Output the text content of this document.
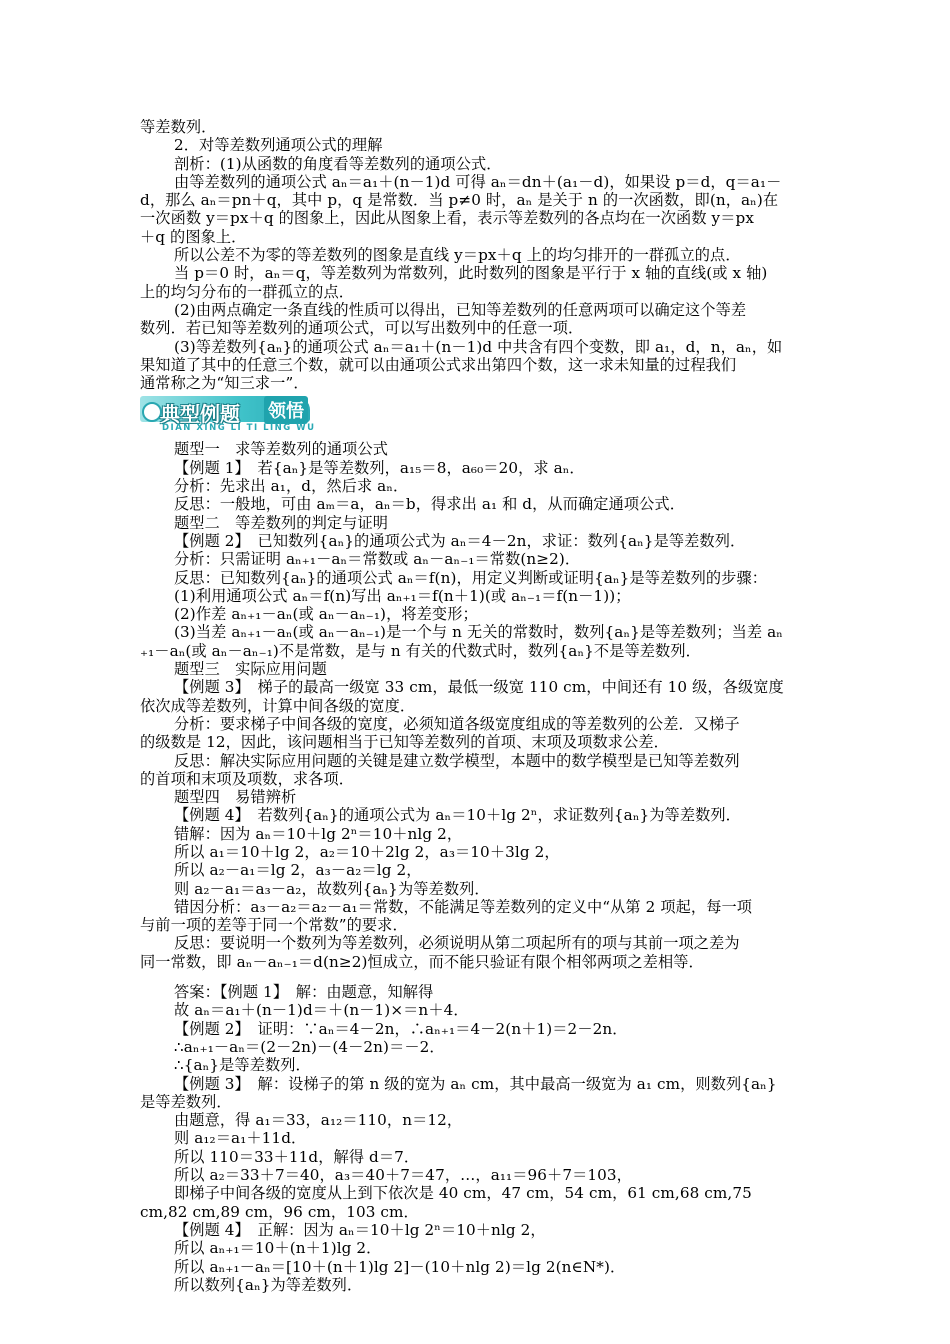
等差数列．
2．对等差数列通项公式的理解
剖析：(1)从函数的角度看等差数列的通项公式．
由等差数列的通项公式 aₙ＝a₁＋(n－1)d 可得 aₙ＝dn＋(a₁－d)，如果设 p＝d，q＝a₁－
d，那么 aₙ＝pn＋q，其中 p，q 是常数．当 p≠0 时，aₙ 是关于 n 的一次函数，即(n，aₙ)在
一次函数 y＝px＋q 的图象上，因此从图象上看，表示等差数列的各点均在一次函数 y＝px
＋q 的图象上．
所以公差不为零的等差数列的图象是直线 y＝px＋q 上的均匀排开的一群孤立的点．
当 p＝0 时，aₙ＝q，等差数列为常数列，此时数列的图象是平行于 x 轴的直线(或 x 轴)
上的均匀分布的一群孤立的点．
(2)由两点确定一条直线的性质可以得出，已知等差数列的任意两项可以确定这个等差
数列．若已知等差数列的通项公式，可以写出数列中的任意一项．
(3)等差数列{aₙ}的通项公式 aₙ＝a₁＋(n－1)d 中共含有四个变数，即 a₁，d，n，aₙ，如
果知道了其中的任意三个数，就可以由通项公式求出第四个数，这一求未知量的过程我们
通常称之为“知三求一”．
典型例题 领悟
DIAN XING LI TI LING WU
题型一　求等差数列的通项公式
【例题 1】　若{aₙ}是等差数列，a₁₅＝8，a₆₀＝20，求 aₙ．
分析：先求出 a₁，d，然后求 aₙ．
反思：一般地，可由 aₘ＝a，aₙ＝b，得求出 a₁ 和 d，从而确定通项公式．
题型二　等差数列的判定与证明
【例题 2】　已知数列{aₙ}的通项公式为 aₙ＝4－2n，求证：数列{aₙ}是等差数列．
分析：只需证明 aₙ₊₁－aₙ＝常数或 aₙ－aₙ₋₁＝常数(n≥2)．
反思：已知数列{aₙ}的通项公式 aₙ＝f(n)，用定义判断或证明{aₙ}是等差数列的步骤：
(1)利用通项公式 aₙ＝f(n)写出 aₙ₊₁＝f(n＋1)(或 aₙ₋₁＝f(n－1))；
(2)作差 aₙ₊₁－aₙ(或 aₙ－aₙ₋₁)，将差变形；
(3)当差 aₙ₊₁－aₙ(或 aₙ－aₙ₋₁)是一个与 n 无关的常数时，数列{aₙ}是等差数列；当差 aₙ
₊₁－aₙ(或 aₙ－aₙ₋₁)不是常数，是与 n 有关的代数式时，数列{aₙ}不是等差数列．
题型三　实际应用问题
【例题 3】　梯子的最高一级宽 33 cm，最低一级宽 110 cm，中间还有 10 级，各级宽度
依次成等差数列，计算中间各级的宽度．
分析：要求梯子中间各级的宽度，必须知道各级宽度组成的等差数列的公差．又梯子
的级数是 12，因此，该问题相当于已知等差数列的首项、末项及项数求公差．
反思：解决实际应用问题的关键是建立数学模型，本题中的数学模型是已知等差数列
的首项和末项及项数，求各项．
题型四　易错辨析
【例题 4】　若数列{aₙ}的通项公式为 aₙ＝10＋lg 2ⁿ，求证数列{aₙ}为等差数列．
错解：因为 aₙ＝10＋lg 2ⁿ＝10＋nlg 2，
所以 a₁＝10＋lg 2，a₂＝10＋2lg 2，a₃＝10＋3lg 2，
所以 a₂－a₁＝lg 2，a₃－a₂＝lg 2，
则 a₂－a₁＝a₃－a₂，故数列{aₙ}为等差数列．
错因分析：a₃－a₂＝a₂－a₁＝常数，不能满足等差数列的定义中“从第 2 项起，每一项
与前一项的差等于同一个常数”的要求．
反思：要说明一个数列为等差数列，必须说明从第二项起所有的项与其前一项之差为
同一常数，即 aₙ－aₙ₋₁＝d(n≥2)恒成立，而不能只验证有限个相邻两项之差相等．
答案：【例题 1】　解：由题意，知解得
故 aₙ＝a₁＋(n－1)d＝＋(n－1)×＝n＋4．
【例题 2】　证明：∵aₙ＝4－2n，∴aₙ₊₁＝4－2(n＋1)＝2－2n．
∴aₙ₊₁－aₙ＝(2－2n)－(4－2n)＝－2．
∴{aₙ}是等差数列．
【例题 3】　解：设梯子的第 n 级的宽为 aₙ cm，其中最高一级宽为 a₁ cm，则数列{aₙ}
是等差数列．
由题意，得 a₁＝33，a₁₂＝110，n＝12，
则 a₁₂＝a₁＋11d．
所以 110＝33＋11d，解得 d＝7．
所以 a₂＝33＋7＝40，a₃＝40＋7＝47，…，a₁₁＝96＋7＝103，
即梯子中间各级的宽度从上到下依次是 40 cm，47 cm，54 cm，61 cm,68 cm,75
cm,82 cm,89 cm，96 cm，103 cm．
【例题 4】　正解：因为 aₙ＝10＋lg 2ⁿ＝10＋nlg 2，
所以 aₙ₊₁＝10＋(n＋1)lg 2．
所以 aₙ₊₁－aₙ＝[10＋(n＋1)lg 2]－(10＋nlg 2)＝lg 2(n∈N*)．
所以数列{aₙ}为等差数列．
